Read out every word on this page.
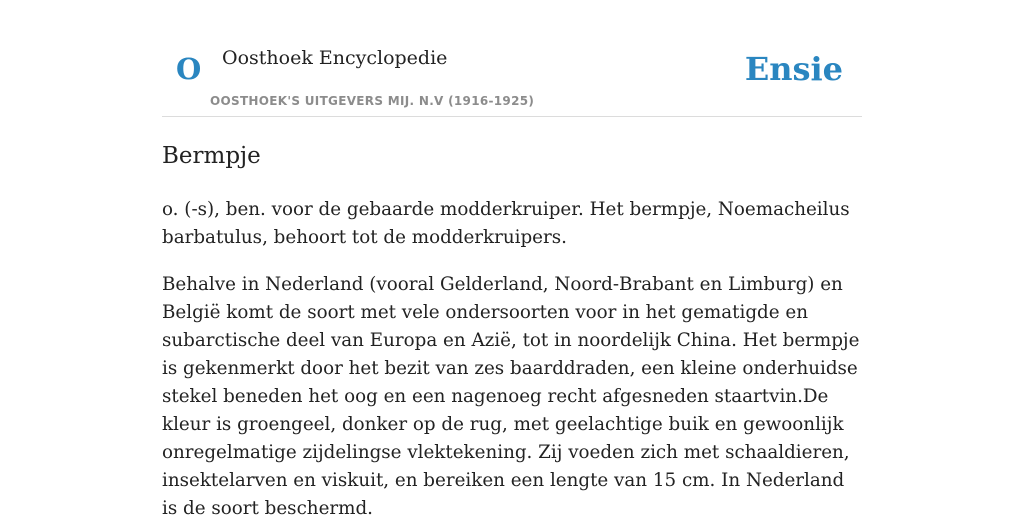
O Oosthoek Encyclopedie
OOSTHOEK'S UITGEVERS MIJ. N.V (1916-1925)
Ensie
Bermpje

o. (-s), ben. voor de gebaarde modderkruiper. Het bermpje, Noemacheilus barbatulus, behoort tot de modderkruipers.

Behalve in Nederland (vooral Gelderland, Noord-Brabant en Limburg) en België komt de soort met vele ondersoorten voor in het gematigde en subarctische deel van Europa en Azië, tot in noordelijk China. Het bermpje is gekenmerkt door het bezit van zes baarddraden, een kleine onderhuidse stekel beneden het oog en een nagenoeg recht afgesneden staartvin.De kleur is groengeel, donker op de rug, met geelachtige buik en gewoonlijk onregelmatige zijdelingse vlektekening. Zij voeden zich met schaaldieren, insektelarven en viskuit, en bereiken een lengte van 15 cm. In Nederland is de soort beschermd.
